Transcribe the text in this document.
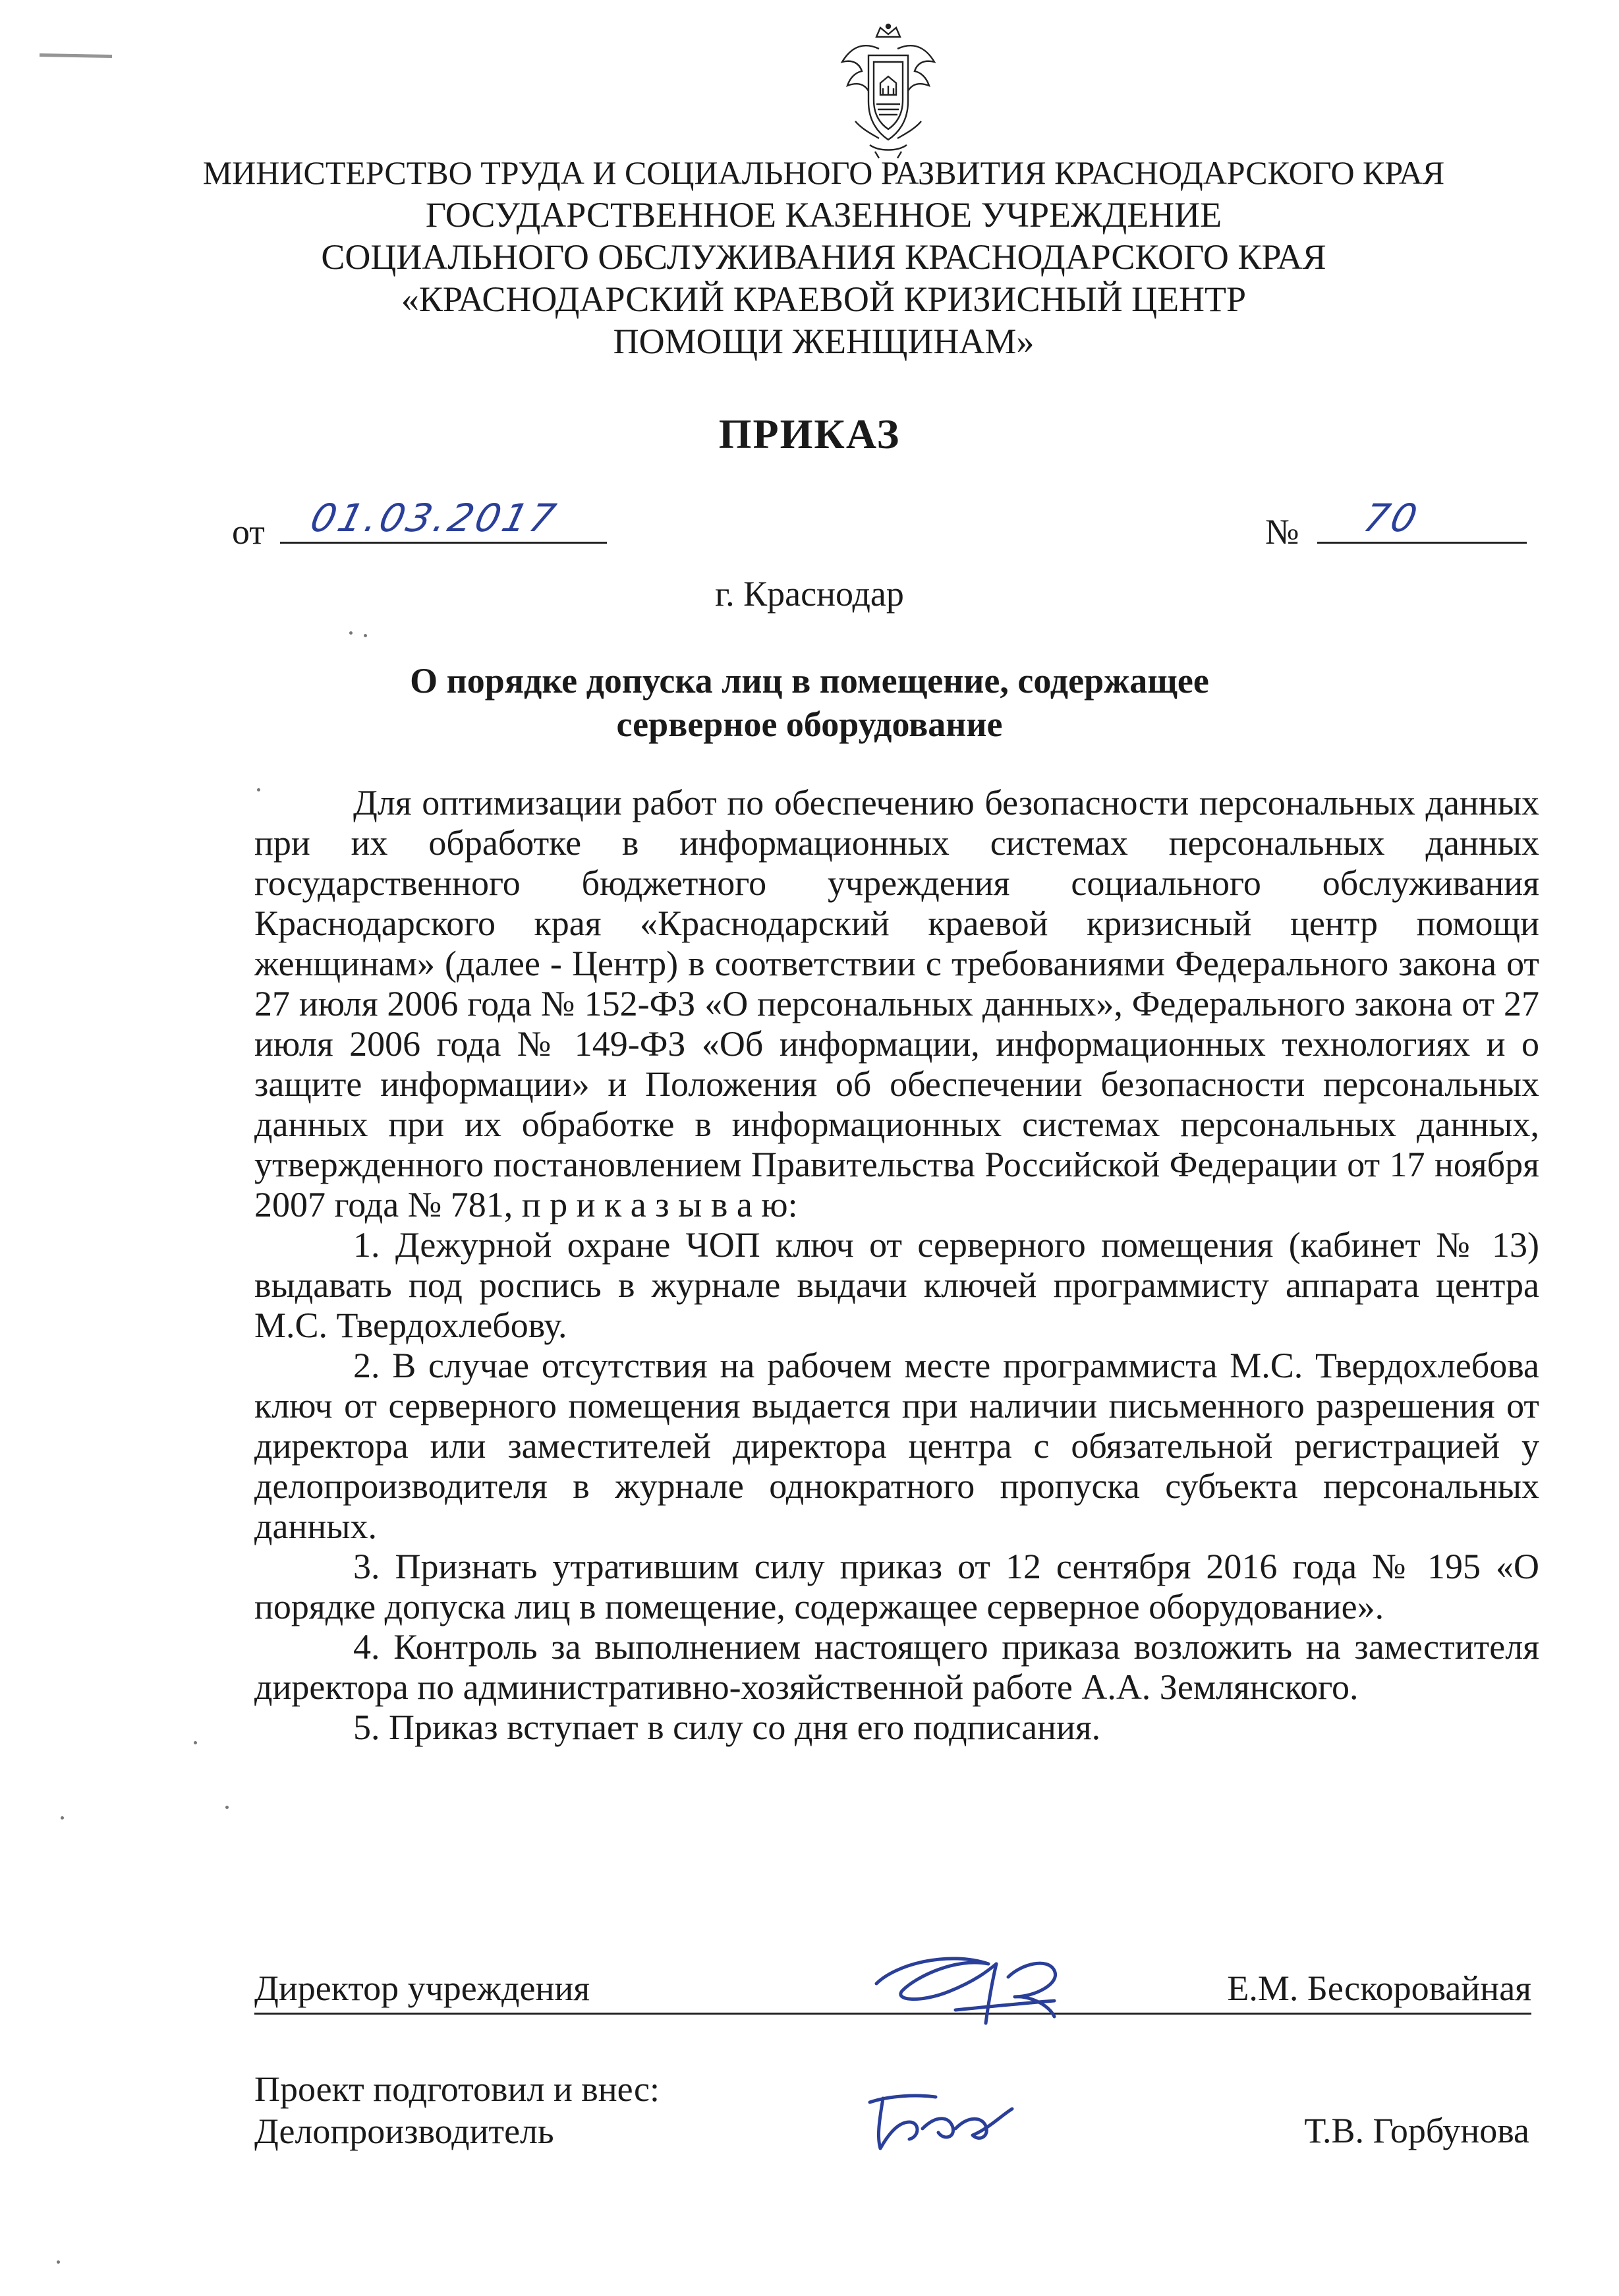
МИНИСТЕРСТВО ТРУДА И СОЦИАЛЬНОГО РАЗВИТИЯ КРАСНОДАРСКОГО КРАЯ
ГОСУДАРСТВЕННОЕ КАЗЕННОЕ УЧРЕЖДЕНИЕ
СОЦИАЛЬНОГО ОБСЛУЖИВАНИЯ КРАСНОДАРСКОГО КРАЯ
«КРАСНОДАРСКИЙ КРАЕВОЙ КРИЗИСНЫЙ ЦЕНТР
ПОМОЩИ ЖЕНЩИНАМ»
ПРИКАЗ
от 01.03.2017	№ 70
г. Краснодар
О порядке допуска лиц в помещение, содержащее
серверное оборудование

Для оптимизации работ по обеспечению безопасности персональных данных при их обработке в информационных системах персональных данных государственного бюджетного учреждения социального обслуживания Краснодарского края «Краснодарский краевой кризисный центр помощи женщинам» (далее - Центр) в соответствии с требованиями Федерального закона от 27 июля 2006 года № 152-ФЗ «О персональных данных», Федерального закона от 27 июля 2006 года № 149-ФЗ «Об информации, информационных технологиях и о защите информации» и Положения об обеспечении безопасности персональных данных при их обработке в информационных системах персональных данных, утвержденного постановлением Правительства Российской Федерации от 17 ноября 2007 года № 781, п р и к а з ы в а ю:

1. Дежурной охране ЧОП ключ от серверного помещения (кабинет № 13) выдавать под роспись в журнале выдачи ключей программисту аппарата центра М.С. Твердохлебову.

2. В случае отсутствия на рабочем месте программиста М.С. Твердохлебова ключ от серверного помещения выдается при наличии письменного разрешения от директора или заместителей директора центра с обязательной регистрацией у делопроизводителя в журнале однократного пропуска субъекта персональных данных.

3. Признать утратившим силу приказ от 12 сентября 2016 года № 195 «О порядке допуска лиц в помещение, содержащее серверное оборудование».

4. Контроль за выполнением настоящего приказа возложить на заместителя директора по административно-хозяйственной работе А.А. Землянского.

5. Приказ вступает в силу со дня его подписания.

Директор учреждения	Е.М. Бескоровайная
Проект подготовил и внес:
Делопроизводитель	Т.В. Горбунова
